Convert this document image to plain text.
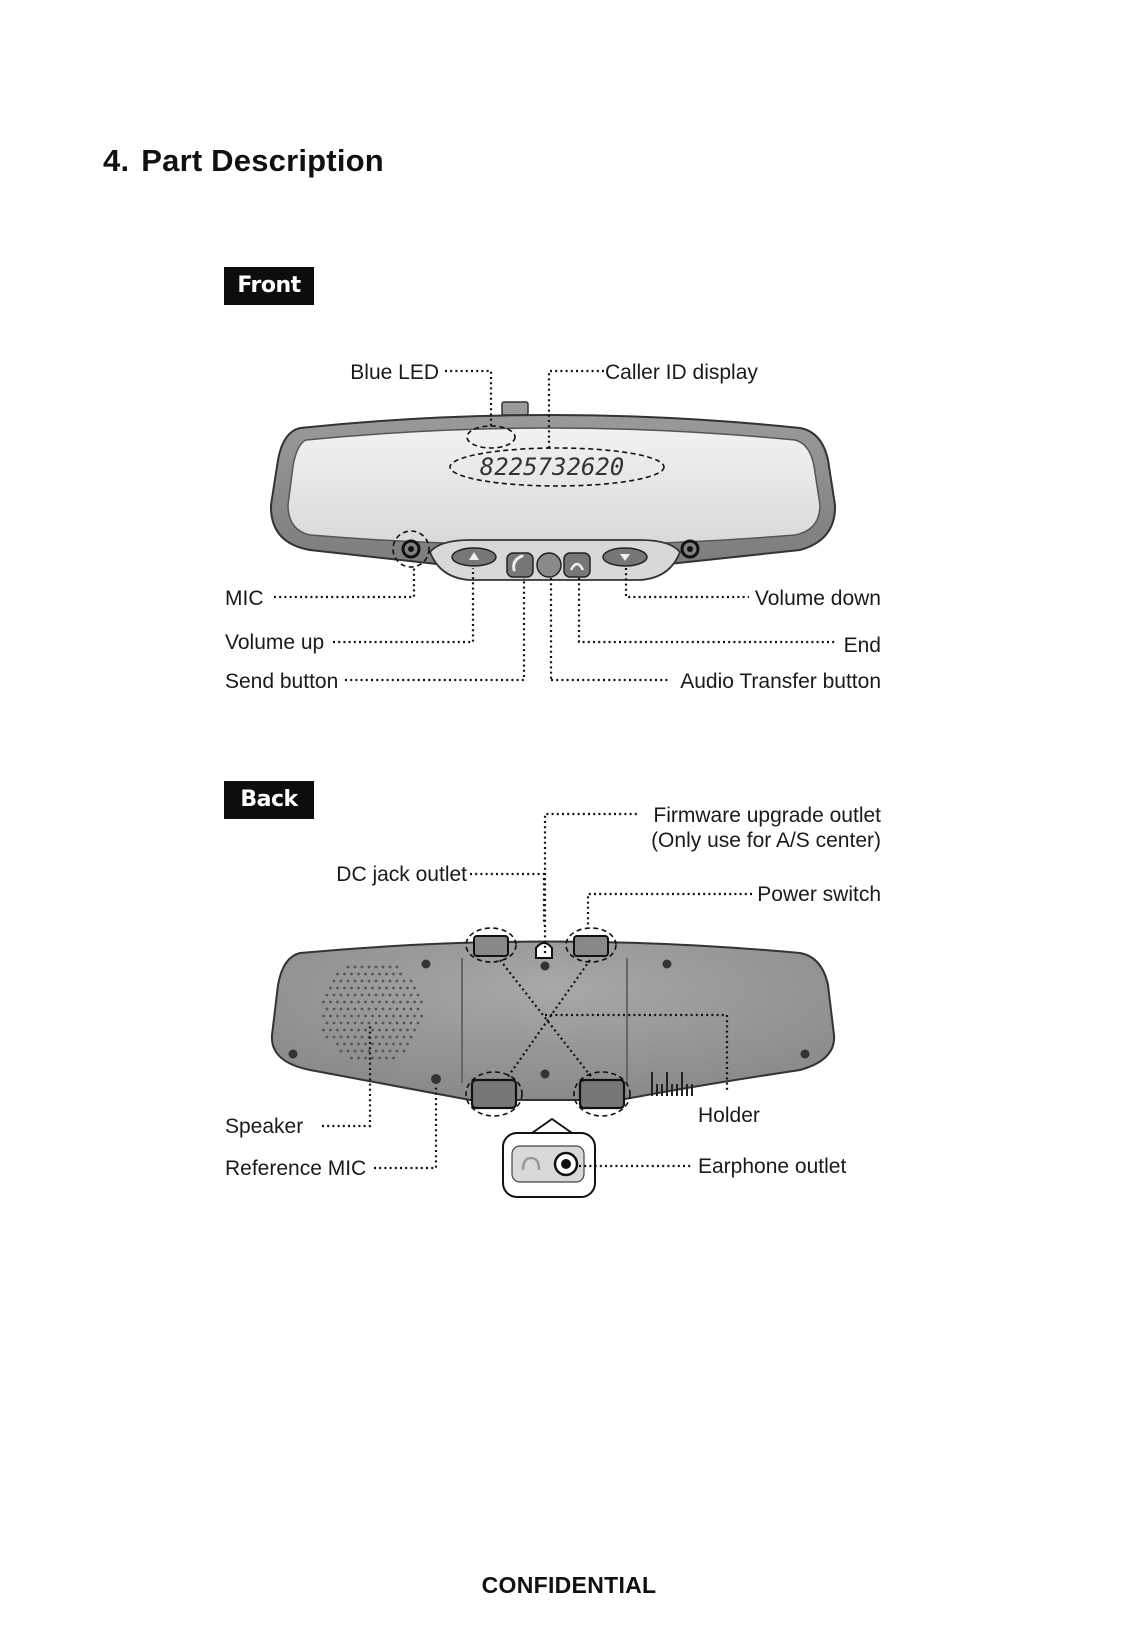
4. Part Description
Front
Back
8225732620
Blue LED	Caller ID display
MIC
Volume up
Send button
Volume down
End
Audio Transfer button
Firmware upgrade outlet
(Only use for A/S center)
DC jack outlet
Power switch
Speaker
Reference MIC
Holder
Earphone outlet
CONFIDENTIAL
